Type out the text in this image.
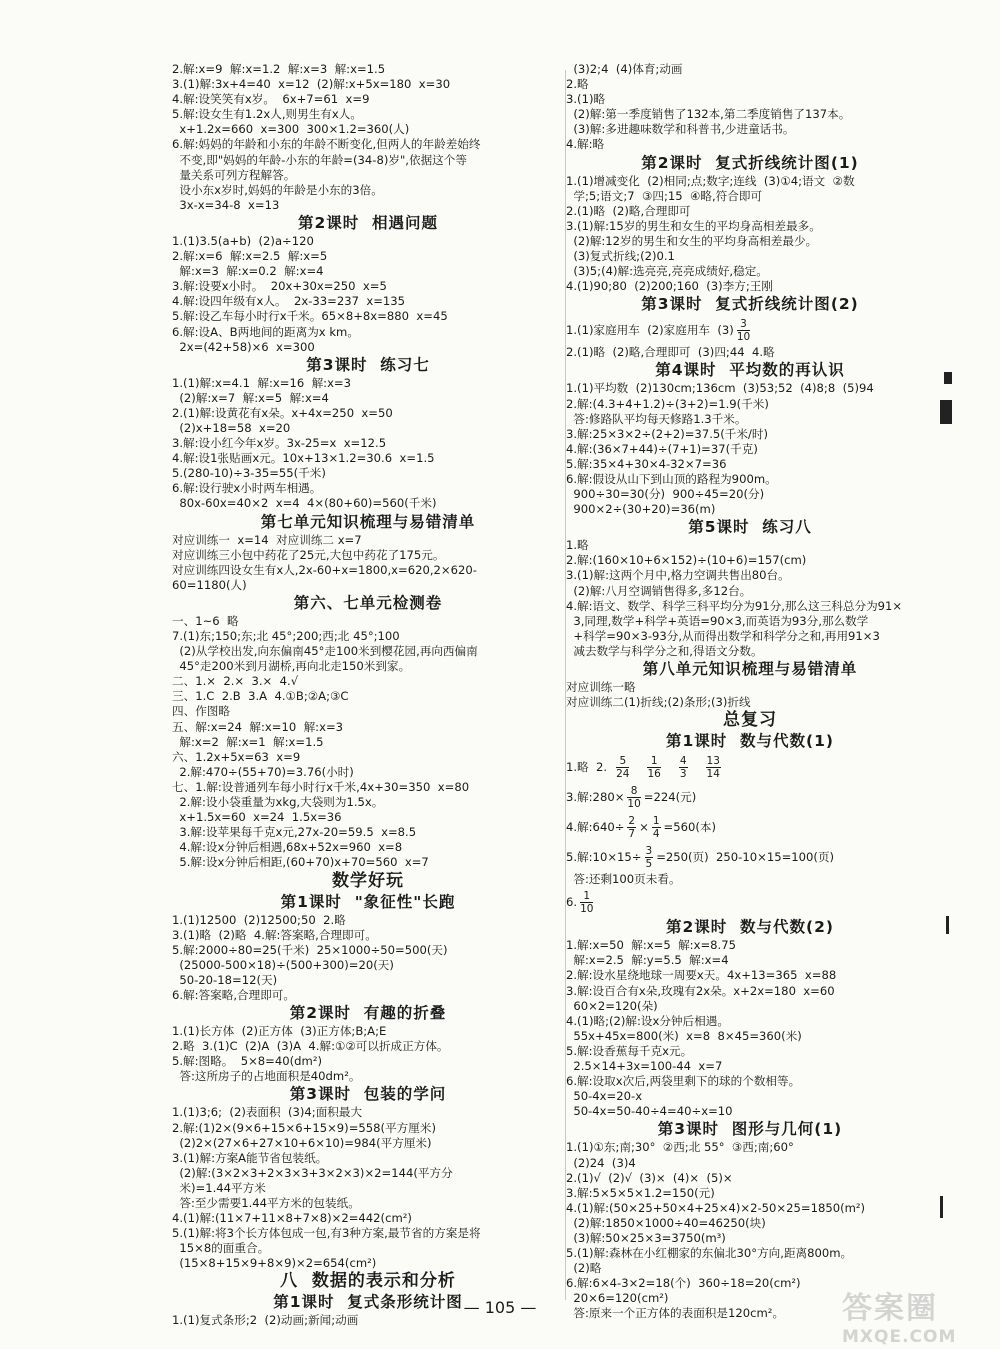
2.解:x=9  解:x=1.2  解:x=3  解:x=1.5
3.(1)解:3x+4=40  x=12  (2)解:x+5x=180  x=30
4.解:设笑笑有x岁。  6x+7=61  x=9
5.解:设女生有1.2x人,则男生有x人。
x+1.2x=660  x=300  300×1.2=360(人)
6.解:妈妈的年龄和小东的年龄不断变化,但两人的年龄差始终
不变,即"妈妈的年龄-小东的年龄=(34-8)岁",依据这个等
量关系可列方程解答。
设小东x岁时,妈妈的年龄是小东的3倍。
3x-x=34-8  x=13
第2课时  相遇问题
1.(1)3.5(a+b)  (2)a÷120
2.解:x=6  解:x=2.5  解:x=5
解:x=3  解:x=0.2  解:x=4
3.解:设要x小时。  20x+30x=250  x=5
4.解:设四年级有x人。  2x-33=237  x=135
5.解:设乙车每小时行x千米。65×8+8x=880  x=45
6.解:设A、B两地间的距离为x km。
2x=(42+58)×6  x=300
第3课时  练习七
1.(1)解:x=4.1  解:x=16  解:x=3
(2)解:x=7  解:x=5  解:x=4
2.(1)解:设黄花有x朵。x+4x=250  x=50
(2)x+18=58  x=20
3.解:设小红今年x岁。3x-25=x  x=12.5
4.解:设1张贴画x元。10x+13×1.2=30.6  x=1.5
5.(280-10)÷3-35=55(千米)
6.解:设行驶x小时两车相遇。
80x-60x=40×2  x=4  4×(80+60)=560(千米)
第七单元知识梳理与易错清单
对应训练一  x=14  对应训练二 x=7
对应训练三小包中药花了25元,大包中药花了175元。
对应训练四设女生有x人,2x-60+x=1800,x=620,2×620-
60=1180(人)
第六、七单元检测卷
一、1~6  略
7.(1)东;150;东;北 45°;200;西;北 45°;100
(2)从学校出发,向东偏南45°走100米到樱花园,再向西偏南
45°走200米到月湖桥,再向北走150米到家。
二、1.×  2.×  3.×  4.√
三、1.C  2.B  3.A  4.①B;②A;③C
四、作图略
五、解:x=24  解:x=10  解:x=3
解:x=2  解:x=1  解:x=1.5
六、1.2x+5x=63  x=9
2.解:470÷(55+70)=3.76(小时)
七、1.解:设普通列车每小时行x千米,4x+30=350  x=80
2.解:设小袋重量为xkg,大袋则为1.5x。
x+1.5x=60  x=24  1.5x=36
3.解:设苹果每千克x元,27x-20=59.5  x=8.5
4.解:设x分钟后相遇,68x+52x=960  x=8
5.解:设x分钟后相距,(60+70)x+70=560  x=7
数学好玩
第1课时  "象征性"长跑
1.(1)12500  (2)12500;50  2.略
3.(1)略  (2)略  4.解:答案略,合理即可。
5.解:2000÷80=25(千米)  25×1000÷50=500(天)
(25000-500×18)÷(500+300)=20(天)
50-20-18=12(天)
6.解:答案略,合理即可。
第2课时  有趣的折叠
1.(1)长方体  (2)正方体  (3)正方体;B;A;E
2.略  3.(1)C  (2)A  (3)A  4.解:①②可以折成正方体。
5.解:图略。  5×8=40(dm²)
答:这所房子的占地面积是40dm²。
第3课时  包装的学问
1.(1)3;6;  (2)表面积  (3)4;面积最大
2.解:(1)2×(9×6+15×6+15×9)=558(平方厘米)
(2)2×(27×6+27×10+6×10)=984(平方厘米)
3.(1)解:方案A能节省包装纸。
(2)解:(3×2×3+2×3×3+3×2×3)×2=144(平方分
米)=1.44平方米
答:至少需要1.44平方米的包装纸。
4.(1)解:(11×7+11×8+7×8)×2=442(cm²)
5.(1)解:将3个长方体包成一包,有3种方案,最节省的方案是将
15×8的面重合。
(15×8+15×9+8×9)×2=654(cm²)
八  数据的表示和分析
第1课时  复式条形统计图
1.(1)复式条形;2  (2)动画;新闻;动画
(3)2;4  (4)体育;动画
2.略
3.(1)略
(2)解:第一季度销售了132本,第二季度销售了137本。
(3)解:多进趣味数学和科普书,少进童话书。
4.解:略
第2课时  复式折线统计图(1)
1.(1)增减变化  (2)相同;点;数字;连线  (3)①4;语文  ②数
学;5;语文;7  ③四;15  ④略,符合即可
2.(1)略  (2)略,合理即可
3.(1)解:15岁的男生和女生的平均身高相差最多。
(2)解:12岁的男生和女生的平均身高相差最少。
(3)复式折线;(2)0.1
(3)5;(4)解:选亮亮,亮亮成绩好,稳定。
4.(1)90;80  (2)200;160  (3)李方;王刚
第3课时  复式折线统计图(2)
1.(1)家庭用车  (2)家庭用车  $(3) \frac{3}{10}$
2.(1)略  (2)略,合理即可  (3)四;44  4.略
第4课时  平均数的再认识
1.(1)平均数  (2)130cm;136cm  (3)53;52  (4)8;8  (5)94
2.解:(4.3+4+1.2)÷(3+2)=1.9(千米)
答:修路队平均每天修路1.3千米。
3.解:25×3×2÷(2+2)=37.5(千米/时)
4.解:(36×7+44)÷(7+1)=37(千克)
5.解:35×4+30×4-32×7=36
6.解:假设从山下到山顶的路程为900m。
900÷30=30(分)  900÷45=20(分)
900×2÷(30+20)=36(m)
第5课时  练习八
1.略
2.解:(160×10+6×152)÷(10+6)=157(cm)
3.(1)解:这两个月中,格力空调共售出80台。
(2)解:八月空调销售得多,多12台。
4.解:语文、数学、科学三科平均分为91分,那么这三科总分为91×
3,同理,数学+科学+英语=90×3,而英语为93分,那么数学
+科学=90×3-93分,从而得出数学和科学分之和,再用91×3
减去数学与科学分之和,得语文分数。
第八单元知识梳理与易错清单
对应训练一略
对应训练二(1)折线;(2)条形;(3)折线
总复习
第1课时  数与代数(1)
1.略  2. $\frac{5}{24} \frac{1}{16} \frac{4}{3} \frac{13}{14}$
3.解:280× $\frac{8}{10} =224$(元)
4.解:640÷ $\frac{2}{7} \times \frac{1}{4} =560$(本)
5.解:10×15÷ $\frac{3}{5} =250$(页)  250-10×15=100(页)
答:还剩100页未看。
6. $\frac{1}{10}$
第2课时  数与代数(2)
1.解:x=50  解:x=5  解:x=8.75
解:x=2.5  解:y=5.5  解:x=4
2.解:设水星绕地球一周要x天。4x+13=365  x=88
3.解:设百合有x朵,玫瑰有2x朵。x+2x=180  x=60
60×2=120(朵)
4.(1)略;(2)解:设x分钟后相遇。
55x+45x=800(米)  x=8  8×45=360(米)
5.解:设香蕉每千克x元。
2.5×14+3x=100-44  x=7
6.解:设取x次后,两袋里剩下的球的个数相等。
50-4x=20-x
50-4x=50-40÷4=40÷x=10
第3课时  图形与几何(1)
1.(1)①东;南;30°  ②西;北 55°  ③西;南;60°
(2)24  (3)4
2.(1)√  (2)√  (3)×  (4)×  (5)×
3.解:5×5×5×1.2=150(元)
4.(1)解:(50×25+50×4+25×4)×2-50×25=1850(m²)
(2)解:1850×1000÷40=46250(块)
(3)解:50×25×3=3750(m³)
5.(1)解:森林在小红棚家的东偏北30°方向,距离800m。
(2)略
6.解:6×4-3×2=18(个)  360÷18=20(cm²)
20×6=120(cm²)
答:原来一个正方体的表面积是120cm²。
— 105 —	答案圈
MXQE.COM
